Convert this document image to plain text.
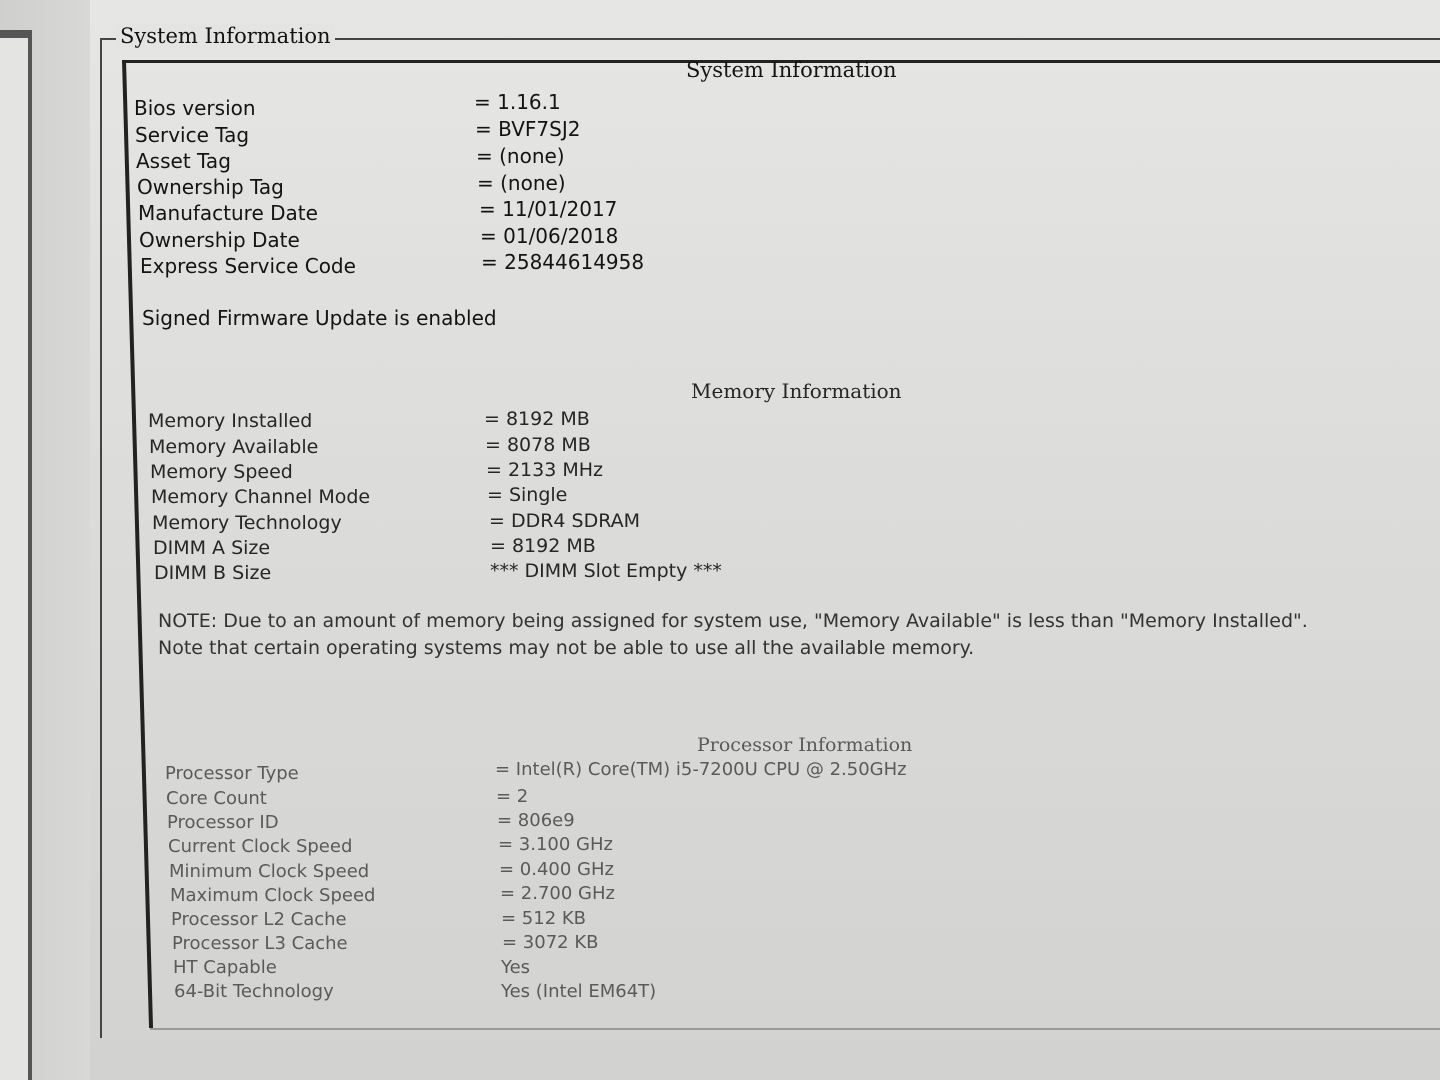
System Information
System Information
Bios version	= 1.16.1
Service Tag	= BVF7SJ2
Asset Tag	= (none)
Ownership Tag	= (none)
Manufacture Date	= 11/01/2017
Ownership Date	= 01/06/2018
Express Service Code	= 25844614958
Signed Firmware Update is enabled
Memory Information
Memory Installed	= 8192 MB
Memory Available	= 8078 MB
Memory Speed	= 2133 MHz
Memory Channel Mode	= Single
Memory Technology	= DDR4 SDRAM
DIMM A Size	= 8192 MB
DIMM B Size	*** DIMM Slot Empty ***
NOTE: Due to an amount of memory being assigned for system use, "Memory Available" is less than "Memory Installed". Note that certain operating systems may not be able to use all the available memory.
Processor Information
Processor Type	= Intel(R) Core(TM) i5-7200U CPU @ 2.50GHz
Core Count	= 2
Processor ID	= 806e9
Current Clock Speed	= 3.100 GHz
Minimum Clock Speed	= 0.400 GHz
Maximum Clock Speed	= 2.700 GHz
Processor L2 Cache	= 512 KB
Processor L3 Cache	= 3072 KB
HT Capable	Yes
64-Bit Technology	Yes (Intel EM64T)
